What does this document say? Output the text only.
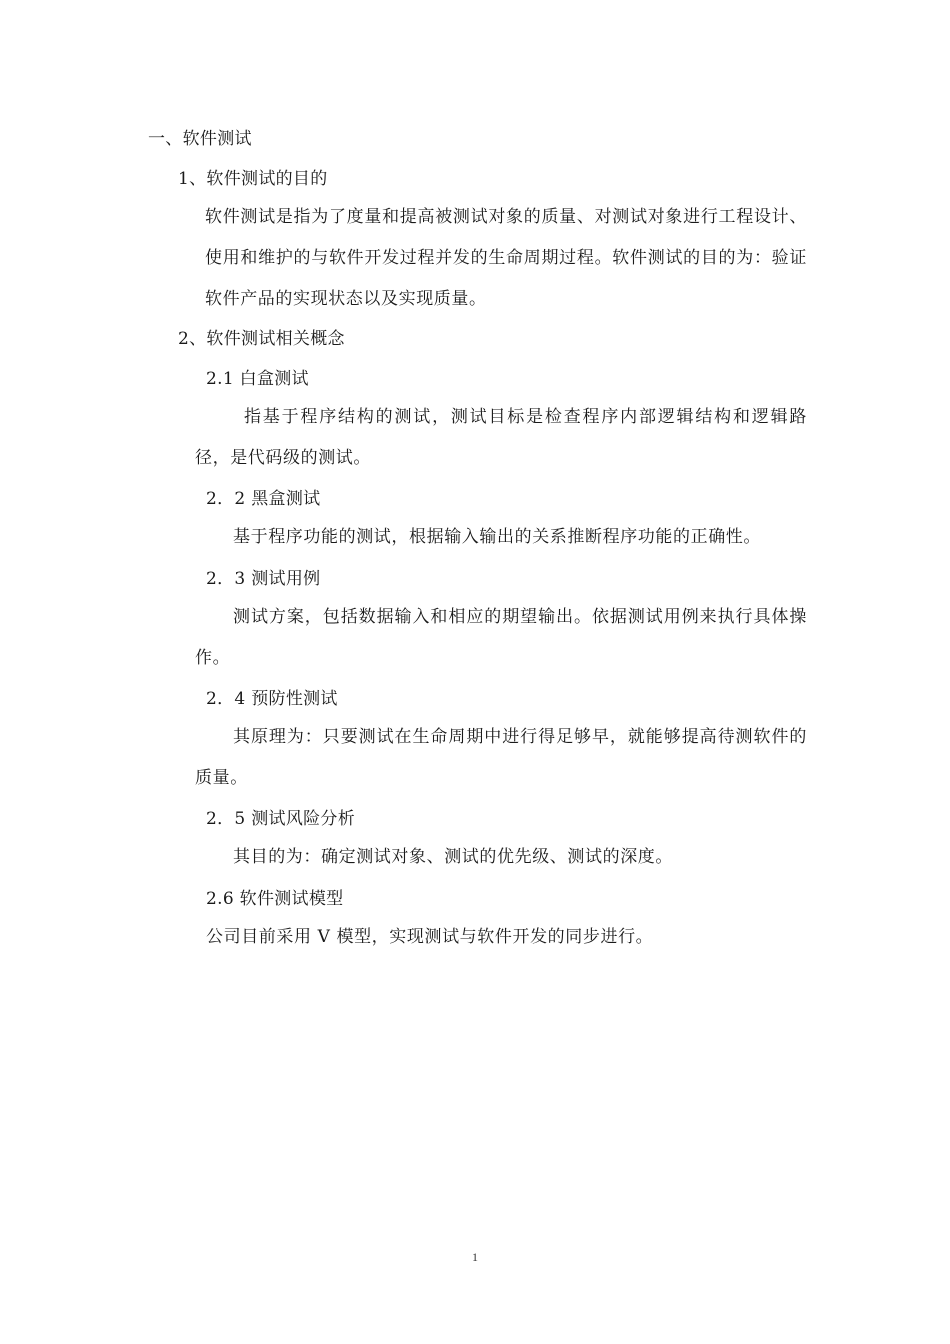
一、软件测试
1、软件测试的目的
软件测试是指为了度量和提高被测试对象的质量、对测试对象进行工程设计、使用和维护的与软件开发过程并发的生命周期过程。软件测试的目的为：验证软件产品的实现状态以及实现质量。
2、软件测试相关概念
2.1 白盒测试
指基于程序结构的测试，测试目标是检查程序内部逻辑结构和逻辑路径，是代码级的测试。
2．2 黑盒测试
基于程序功能的测试，根据输入输出的关系推断程序功能的正确性。
2．3 测试用例
测试方案，包括数据输入和相应的期望输出。依据测试用例来执行具体操作。
2．4 预防性测试
其原理为：只要测试在生命周期中进行得足够早，就能够提高待测软件的质量。
2．5 测试风险分析
其目的为：确定测试对象、测试的优先级、测试的深度。
2.6 软件测试模型
公司目前采用 V 模型，实现测试与软件开发的同步进行。
1
